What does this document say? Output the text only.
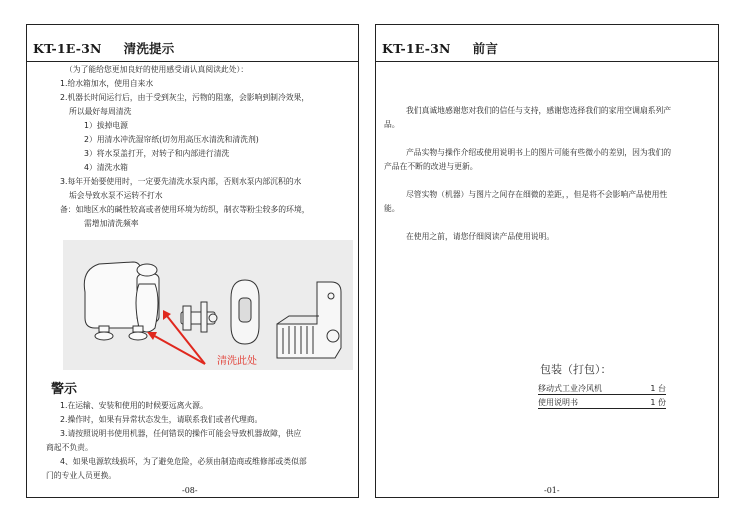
KT-1E-3N 清洗提示
（为了能给您更加良好的使用感受请认真阅读此处）：
1.给水箱加水，使用自来水
2.机器长时间运行后，由于受到灰尘，污物的阻塞，会影响到制冷效果，
所以最好每周清洗
1）拔掉电源
2）用清水冲洗湿帘纸(切勿用高压水清洗和清洗剂)
3）将水泵盖打开，对转子和内部进行清洗
4）清洗水箱
3.每年开始要使用时，一定要先清洗水泵内部，否则水泵内部沉积的水
垢会导致水泵不运转不打水
备：如地区水的碱性较高或者使用环境为纺织，制衣等粉尘较多的环境，
需增加清洗频率
清洗此处
警示
1.在运输、安装和使用的时候要远离火源。
2.操作时，如果有异常状态发生，请联系我们或者代理商。
3.请按照说明书使用机器，任何错误的操作可能会导致机器故障，供应
商起不负责。
4、如果电源软线损坏，为了避免危险，必须由制造商或维修部或类似部
门的专业人员更换。
-08-
KT-1E-3N 前言
我们真诚地感谢您对我们的信任与支持，感谢您选择我们的家用空调扇系列产
品。
产品实物与操作介绍或使用说明书上的图片可能有些微小的差别，因为我们的
产品在不断的改进与更新。
尽管实物（机器）与图片之间存在细微的差距，，但是将不会影响产品使用性
能。
在使用之前，请您仔细阅读产品使用说明。
包装（打包）：
移动式工业冷风机	1 台
使用说明书	1 份
-01-
